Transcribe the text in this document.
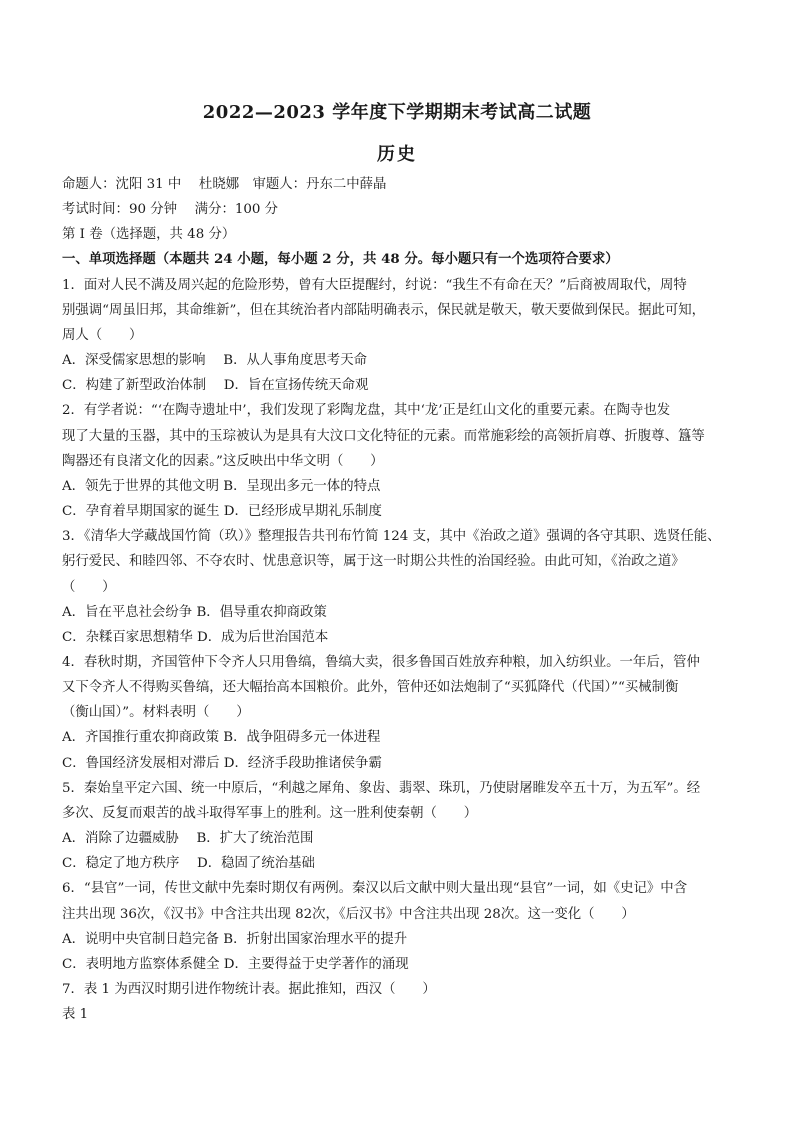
2022—2023 学年度下学期期末考试高二试题
历史
命题人：沈阳 31 中　 杜晓娜　审题人：丹东二中薛晶
考试时间：90 分钟　 满分：100 分
第 I 卷（选择题，共 48 分）
一、单项选择题（本题共 24 小题，每小题 2 分，共 48 分。每小题只有一个选项符合要求）
1．面对人民不满及周兴起的危险形势，曾有大臣提醒纣，纣说：“我生不有命在天？”后商被周取代，周特
别强调“周虽旧邦，其命维新”，但在其统治者内部陆明确表示，保民就是敬天，敬天要做到保民。据此可知，
周人（　　）
A．深受儒家思想的影响　 B．从人事角度思考天命
C．构建了新型政治体制　 D．旨在宣扬传统天命观
2．有学者说：“‘在陶寺遗址中’，我们发现了彩陶龙盘，其中‘龙’正是红山文化的重要元素。在陶寺也发
现了大量的玉器，其中的玉琮被认为是具有大汶口文化特征的元素。而常施彩绘的高领折肩尊、折腹尊、簋等
陶器还有良渚文化的因素。”这反映出中华文明（　　）
A．领先于世界的其他文明 B．呈现出多元一体的特点
C．孕育着早期国家的诞生 D．已经形成早期礼乐制度
3．《清华大学藏战国竹简（玖）》整理报告共刊布竹简 124 支，其中《治政之道》强调的各守其职、选贤任能、
躬行爱民、和睦四邻、不夺农时、忧患意识等，属于这一时期公共性的治国经验。由此可知，《治政之道》
（　　）
A．旨在平息社会纷争 B．倡导重农抑商政策
C．杂糅百家思想精华 D．成为后世治国范本
4．春秋时期，齐国管仲下令齐人只用鲁缟，鲁缟大卖，很多鲁国百姓放弃种粮，加入纺织业。一年后，管仲
又下令齐人不得购买鲁缟，还大幅抬高本国粮价。此外，管仲还如法炮制了“买狐降代（代国）”“买械制衡
（衡山国）”。材料表明（　　）
A．齐国推行重农抑商政策 B．战争阻碍多元一体进程
C．鲁国经济发展相对滞后 D．经济手段助推诸侯争霸
5．秦始皇平定六国、统一中原后，“利越之犀角、象齿、翡翠、珠玑，乃使尉屠睢发卒五十万，为五军”。经
多次、反复而艰苦的战斗取得军事上的胜利。这一胜利使秦朝（　　）
A．消除了边疆威胁　 B．扩大了统治范围
C．稳定了地方秩序　 D．稳固了统治基础
6．“县官”一词，传世文献中先秦时期仅有两例。秦汉以后文献中则大量出现“县官”一词，如《史记》中含
注共出现 36次，《汉书》中含注共出现 82次，《后汉书》中含注共出现 28次。这一变化（　　）
A．说明中央官制日趋完备 B．折射出国家治理水平的提升
C．表明地方监察体系健全 D．主要得益于史学著作的涌现
7．表 1 为西汉时期引进作物统计表。据此推知，西汉（　　）
表 1
